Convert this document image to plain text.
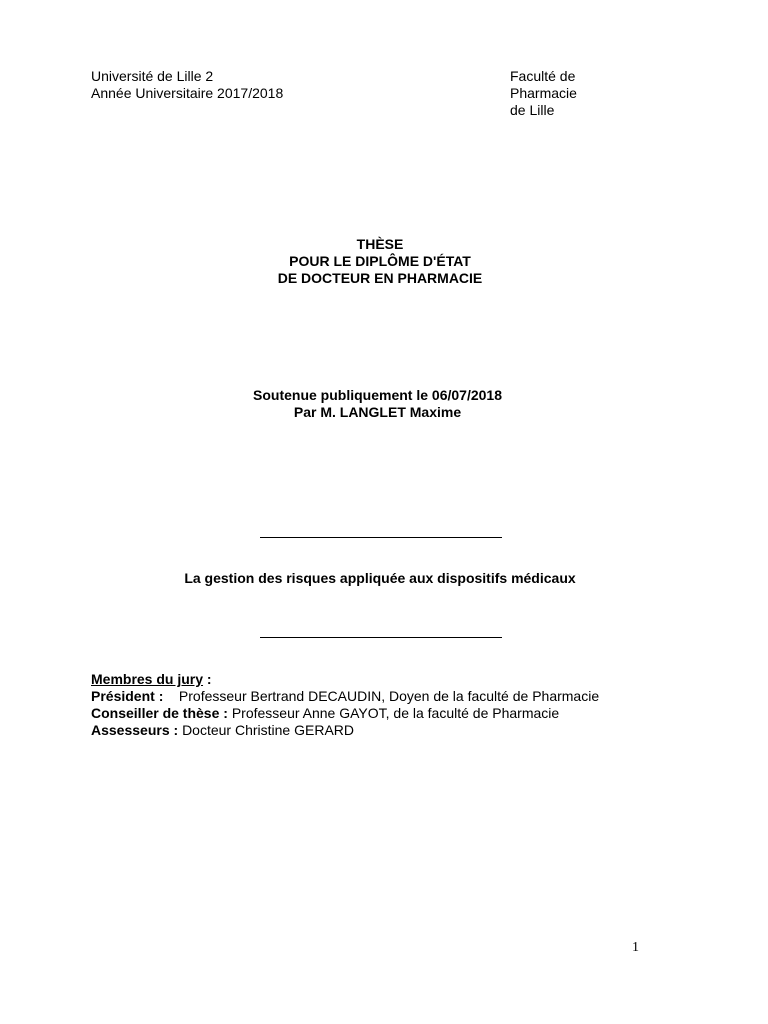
Université de Lille 2
Année Universitaire 2017/2018
Faculté de
Pharmacie
de Lille
THÈSE
POUR LE DIPLÔME D'ÉTAT
DE DOCTEUR EN PHARMACIE
Soutenue publiquement le 06/07/2018
Par M. LANGLET Maxime
La gestion des risques appliquée aux dispositifs médicaux
Membres du jury :
Président :    Professeur Bertrand DECAUDIN, Doyen de la faculté de Pharmacie
Conseiller de thèse : Professeur Anne GAYOT, de la faculté de Pharmacie
Assesseurs : Docteur Christine GERARD
1
